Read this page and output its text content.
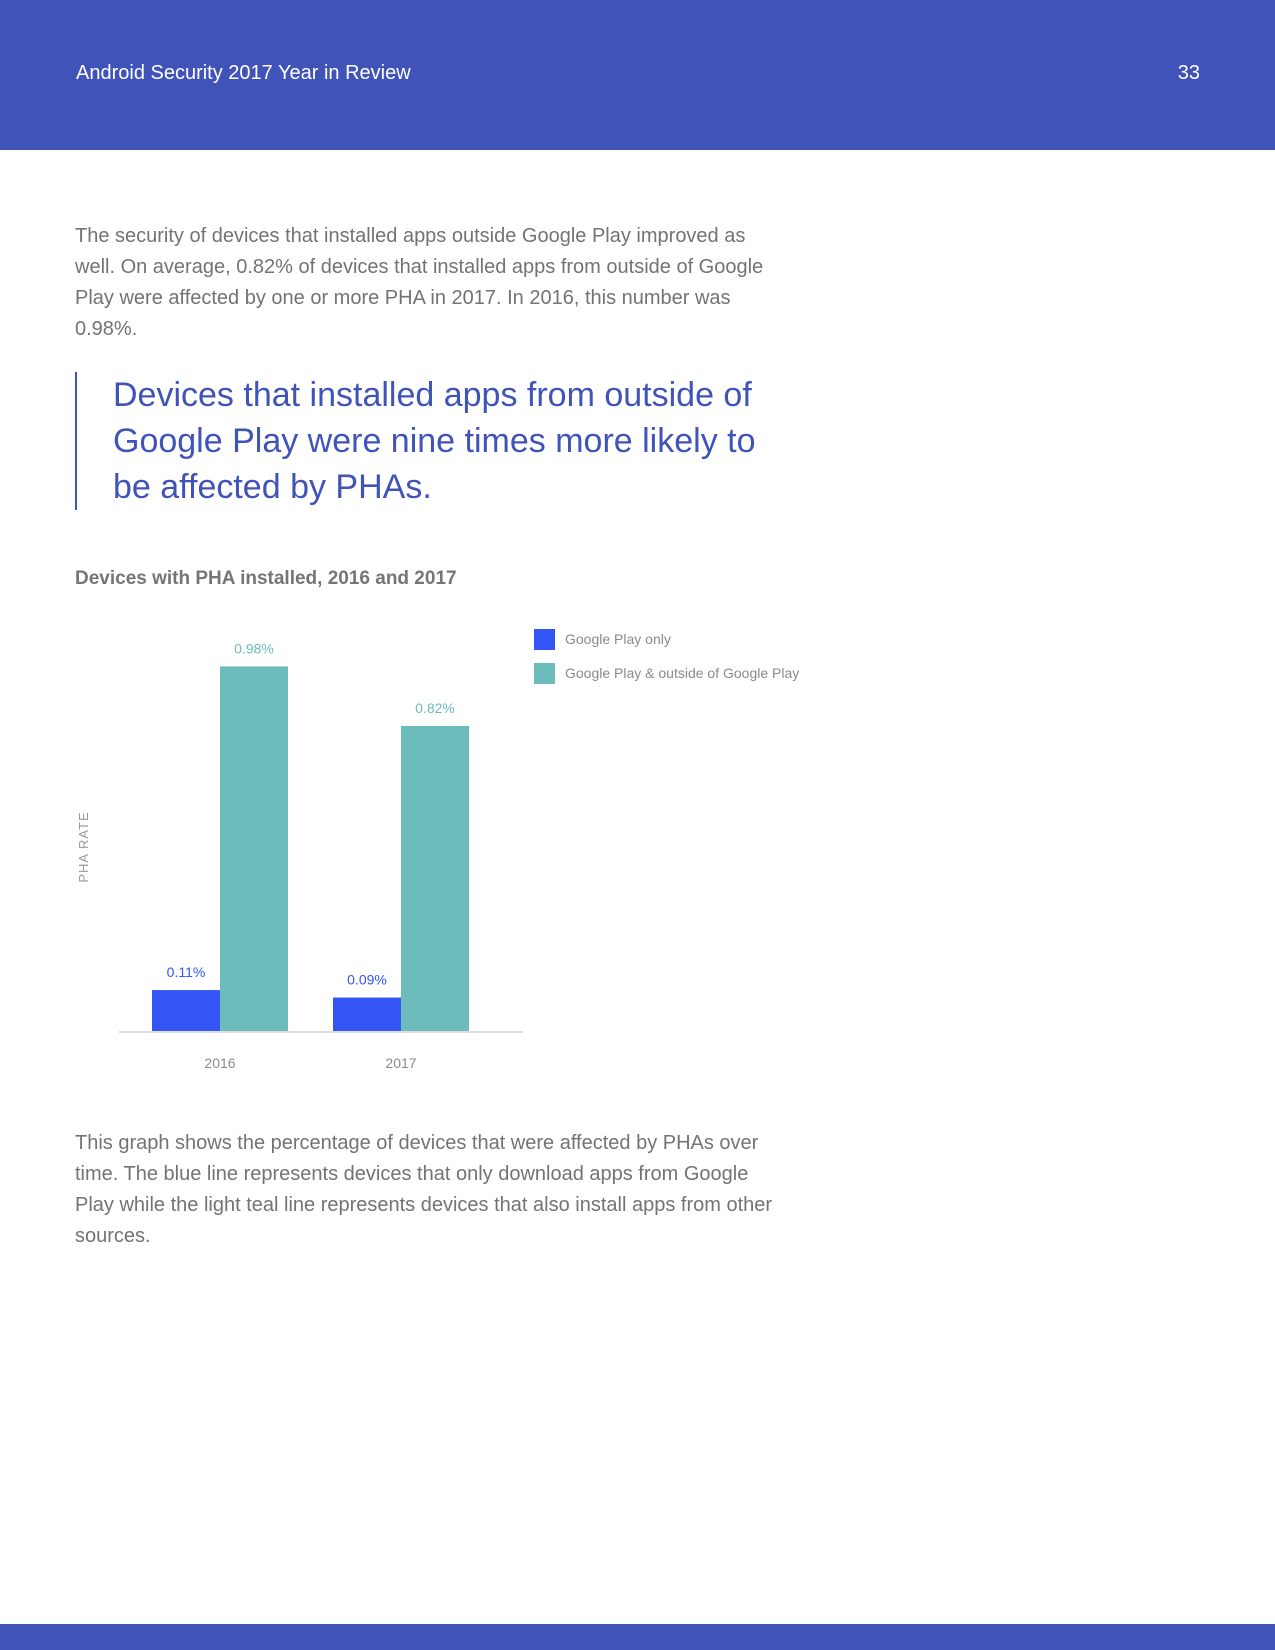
Android Security 2017 Year in Review	33

The security of devices that installed apps outside Google Play improved as well. On average, 0.82% of devices that installed apps from outside of Google Play were affected by one or more PHA in 2017. In 2016, this number was 0.98%.

Devices that installed apps from outside of Google Play were nine times more likely to be affected by PHAs.
Devices with PHA installed, 2016 and 2017
0.11%
0.98%
2016
0.09%
0.82%
2017
PHA RATE
Google Play only
Google Play & outside of Google Play

This graph shows the percentage of devices that were affected by PHAs over time. The blue line represents devices that only download apps from Google Play while the light teal line represents devices that also install apps from other sources.
